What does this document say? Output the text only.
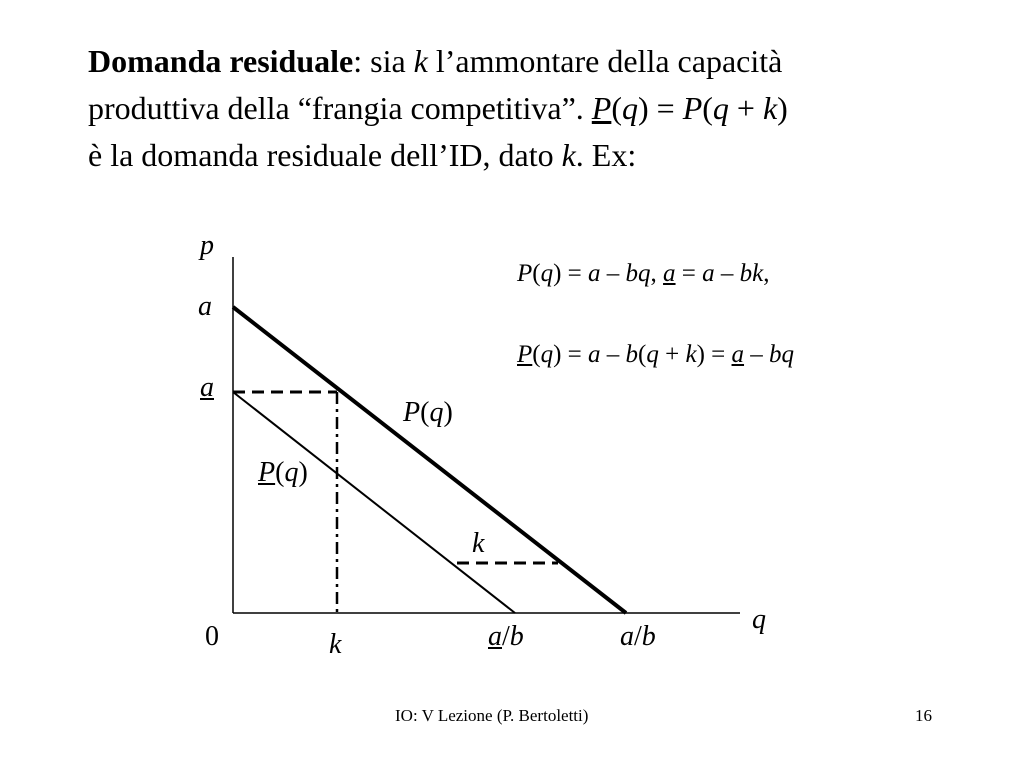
Domanda residuale: sia k l’ammontare della capacità
produttiva della “frangia competitiva”. P(q) = P(q + k)
è la domanda residuale dell’ID, dato k. Ex:
p
q
0
a
a
k
k
P(q)
P(q)
a/b	a/b
P(q) = a – bq, a = a – bk,
P(q) = a – b(q + k) = a – bq
IO: V Lezione (P. Bertoletti)	16
